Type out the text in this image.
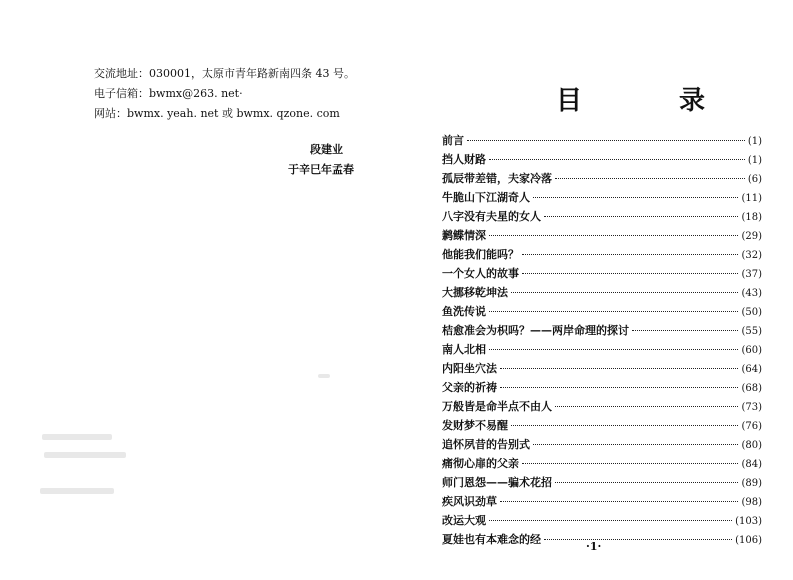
交流地址：030001，太原市青年路新南四条 43 号。
电子信箱：bwmx@263. net·
网站：bwmx. yeah. net 或 bwmx. qzone. com
段建业
于辛巳年孟春
目 录
前言	(1)
挡人财路	(1)
孤辰带差错，夫家冷落	(6)
牛脆山下江湖奇人	(11)
八字没有夫星的女人	(18)
鹣鲽情深	(29)
他能我们能吗？	(32)
一个女人的故事	(37)
大挪移乾坤法	(43)
鱼洗传说	(50)
桔愈准会为枳吗？——两岸命理的探讨	(55)
南人北相	(60)
内阳坐穴法	(64)
父亲的祈祷	(68)
万般皆是命半点不由人	(73)
发财梦不易醒	(76)
追怀夙昔的告别式	(80)
痛彻心扉的父亲	(84)
师门恩怨——骗术花招	(89)
疾风识劲草	(98)
改运大观	(103)
夏娃也有本难念的经	(106)
·1·
